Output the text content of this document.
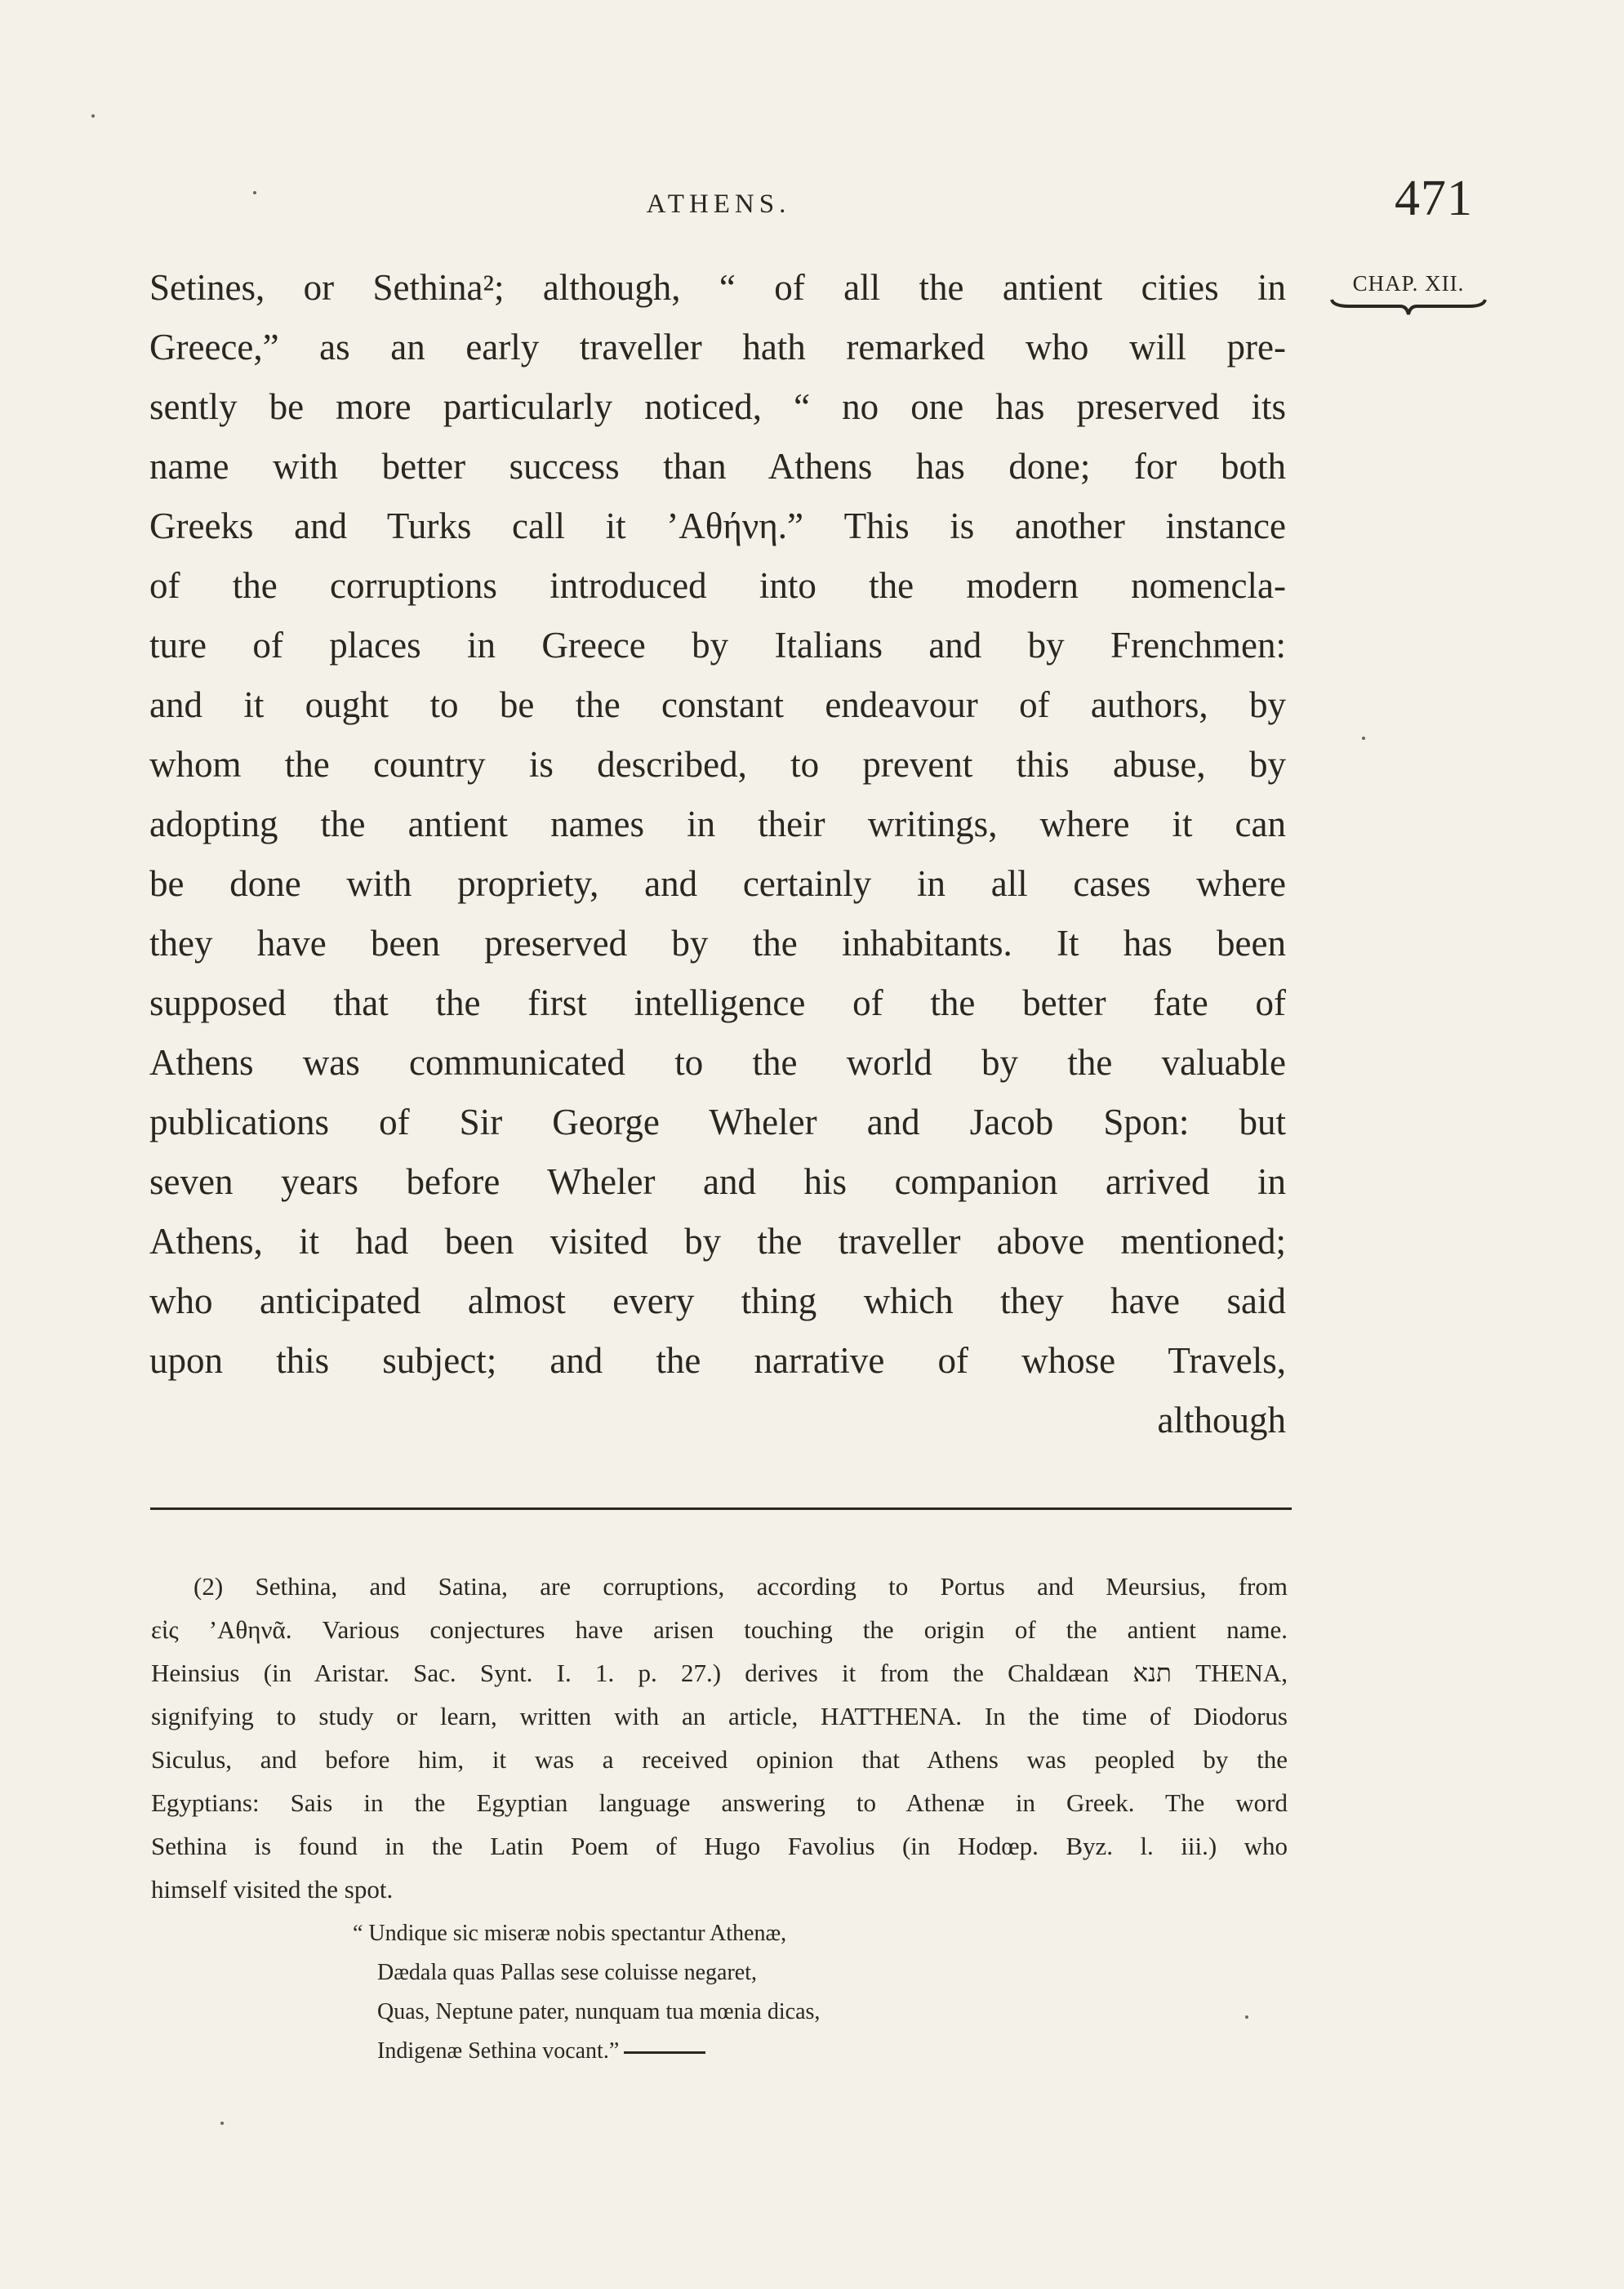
ATHENS.	471
CHAP. XII.
Setines, or Sethina²; although, “ of all the antient cities in
Greece,” as an early traveller hath remarked who will pre-
sently be more particularly noticed, “ no one has preserved its
name with better success than Athens has done; for both
Greeks and Turks call it ’Αθήνη.” This is another instance
of the corruptions introduced into the modern nomencla-
ture of places in Greece by Italians and by Frenchmen:
and it ought to be the constant endeavour of authors, by
whom the country is described, to prevent this abuse, by
adopting the antient names in their writings, where it can
be done with propriety, and certainly in all cases where
they have been preserved by the inhabitants. It has been
supposed that the first intelligence of the better fate of
Athens was communicated to the world by the valuable
publications of Sir George Wheler and Jacob Spon: but
seven years before Wheler and his companion arrived in
Athens, it had been visited by the traveller above mentioned;
who anticipated almost every thing which they have said
upon this subject; and the narrative of whose Travels,
although
(2) Sethina, and Satina, are corruptions, according to Portus and Meursius, from
εἰς ’Αθηνᾶ. Various conjectures have arisen touching the origin of the antient name.
Heinsius (in Aristar. Sac. Synt. I. 1. p. 27.) derives it from the Chaldæan תנא THENA,
signifying to study or learn, written with an article, HATTHENA. In the time of Diodorus
Siculus, and before him, it was a received opinion that Athens was peopled by the
Egyptians: Sais in the Egyptian language answering to Athenæ in Greek. The word
Sethina is found in the Latin Poem of Hugo Favolius (in Hodœp. Byz. l. iii.) who
himself visited the spot.
“ Undique sic miseræ nobis spectantur Athenæ,
Dædala quas Pallas sese coluisse negaret,
Quas, Neptune pater, nunquam tua mœnia dicas,
Indigenæ Sethina vocant.”
